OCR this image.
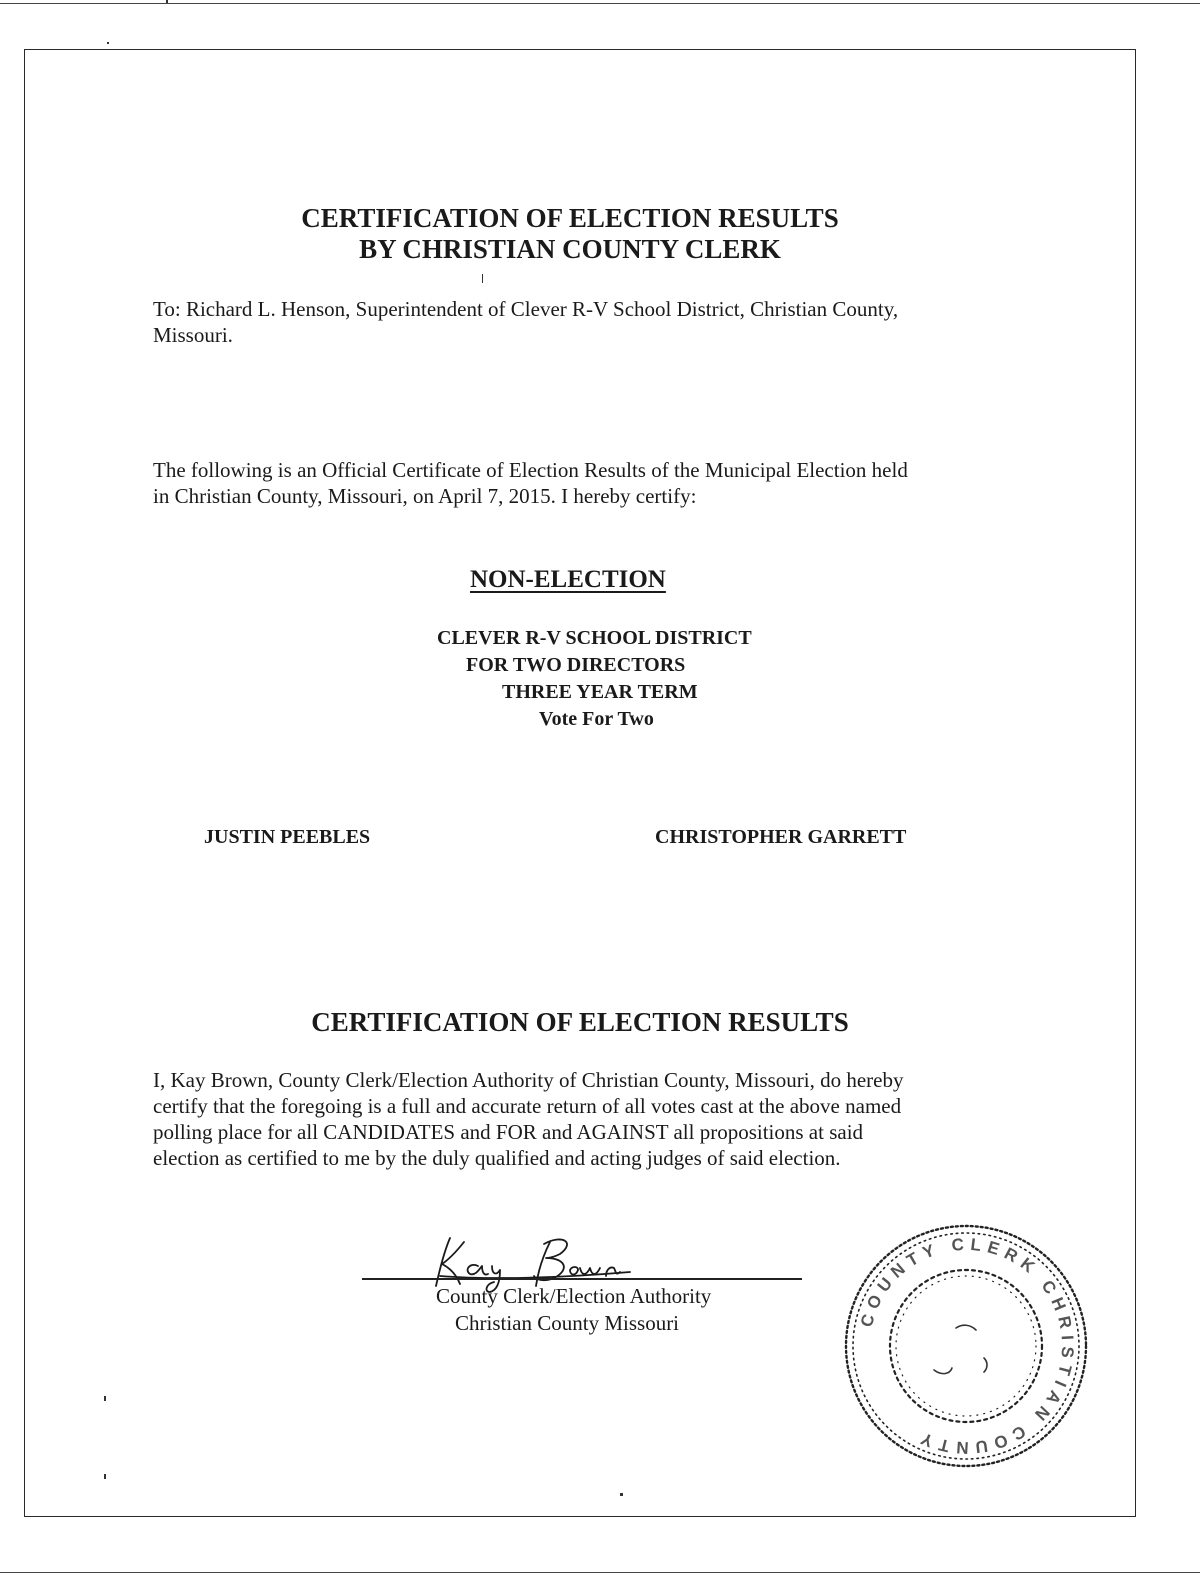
CERTIFICATION OF ELECTION RESULTS
BY CHRISTIAN COUNTY CLERK
To: Richard L. Henson, Superintendent of Clever R-V School District, Christian County,
Missouri.
The following is an Official Certificate of Election Results of the Municipal Election held
in Christian County, Missouri, on April 7, 2015. I hereby certify:
NON-ELECTION
CLEVER R-V SCHOOL DISTRICT
FOR TWO DIRECTORS
THREE YEAR TERM
Vote For Two
JUSTIN PEEBLES	CHRISTOPHER GARRETT
CERTIFICATION OF ELECTION RESULTS
I, Kay Brown, County Clerk/Election Authority of Christian County, Missouri, do hereby
certify that the foregoing is a full and accurate return of all votes cast at the above named
polling place for all CANDIDATES and FOR and AGAINST all propositions at said
election as certified to me by the duly qualified and acting judges of said election.
County Clerk/Election Authority
Christian County Missouri	COUNTY CLERK CHRISTIAN COUNTY
